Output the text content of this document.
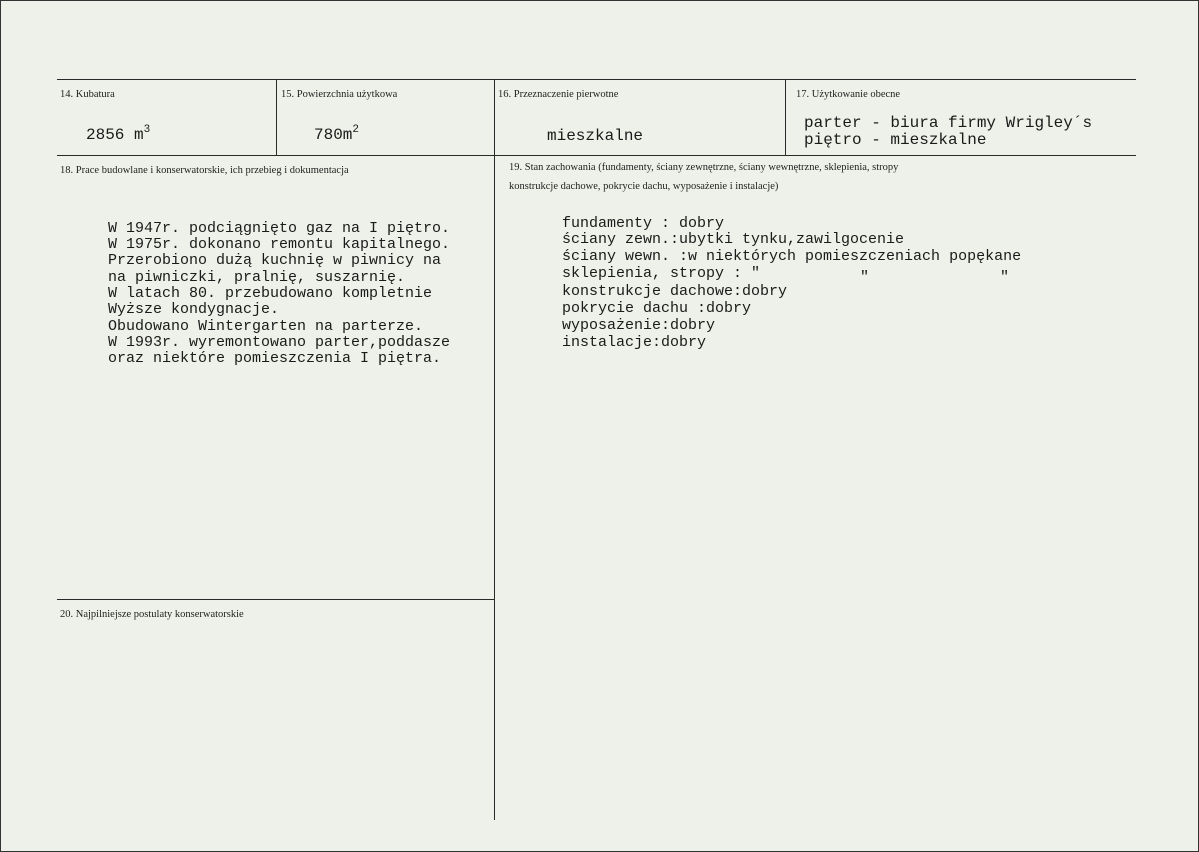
14. Kubatura
2856 $m^3$
15. Powierzchnia użytkowa
$780m^2$
16. Przeznaczenie pierwotne
mieszkalne
17. Użytkowanie obecne
parter - biura firmy Wrigley´s
piętro - mieszkalne
18. Prace budowlane i konserwatorskie, ich przebieg i dokumentacja
W 1947r. podciągnięto gaz na I piętro.
W 1975r. dokonano remontu kapitalnego.
Przerobiono dużą kuchnię w piwnicy na
na piwniczki, pralnię, suszarnię.
W latach 80. przebudowano kompletnie
Wyższe kondygnacje.
Obudowano Wintergarten na parterze.
W 1993r. wyremontowano parter,poddasze
oraz niektóre pomieszczenia I piętra.
19. Stan zachowania (fundamenty, ściany zewnętrzne, ściany wewnętrzne, sklepienia, stropy
konstrukcje dachowe, pokrycie dachu, wyposażenie i instalacje)
fundamenty : dobry
ściany zewn.:ubytki tynku,zawilgocenie
ściany wewn. :w niektórych pomieszczeniach popękane
sklepienia, stropy : "	"	"
konstrukcje dachowe:dobry
pokrycie dachu :dobry
wyposażenie:dobry
instalacje:dobry
20. Najpilniejsze postulaty konserwatorskie
